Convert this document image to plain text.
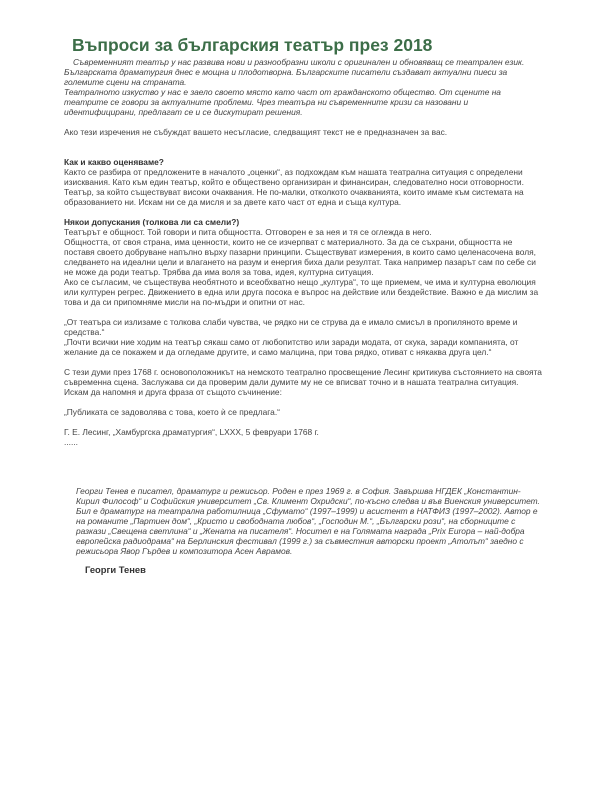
Въпроси за българския театър през 2018

Съвременният театър у нас развива нови и разнообразни школи с оригинален и обновяващ се театрален език.

Българската драматургия днес е мощна и плодотворна. Българските писатели създават актуални пиеси за големите сцени на страната.

Театралното изкуство у нас е заело своето място като част от гражданското общество. От сцените на театрите се говори за актуалните проблеми. Чрез театъра ни съвременните кризи са назовани и идентифицирани, предлагат се и се дискутират решения.

Ако тези изречения не събуждат вашето несъгласие, следващият текст не е предназначен за вас.

Как и какво оценяваме?

Както се разбира от предложените в началото „оценки“, аз подхождам към нашата театрална ситуация с определени изисквания. Като към един театър, който е обществено организиран и финансиран, следователно носи отговорности. Театър, за който съществуват високи очаквания. Не по-малки, отколкото очакванията, които имаме към системата на образованието ни. Искам ни се да мисля и за двете като част от една и съща култура.

Някои допускания (толкова ли са смели?)

Театърът е общност. Той говори и пита общността. Отговорен е за нея и тя се оглежда в него.

Общността, от своя страна, има ценности, които не се изчерпват с материалното. За да се съхрани, общността не поставя своето добруване напълно върху пазарни принципи. Съществуват измерения, в които само целенасочена воля, следването на идеални цели и влагането на разум и енергия биха дали резултат. Така например пазарът сам по себе си не може да роди театър. Трябва да има воля за това, идея, културна ситуация.

Ако се съгласим, че съществува необятното и всеобхватно нещо „култура“, то ще приемем, че има и културна еволюция или културен регрес. Движението в една или друга посока е въпрос на действие или бездействие. Важно е да мислим за това и да си припомняме мисли на по-мъдри и опитни от нас.

„От театъра си излизаме с толкова слаби чувства, че рядко ни се струва да е имало смисъл в пропиляното време и средства.“

„Почти всички ние ходим на театър сякаш само от любопитство или заради модата, от скука, заради компанията, от желание да се покажем и да огледаме другите, и само малцина, при това рядко, отиват с някаква друга цел.“

С тези думи през 1768 г. основоположникът на немското театрално просвещение Лесинг критикува състоянието на своята съвременна сцена. Заслужава си да проверим дали думите му не се вписват точно и в нашата театрална ситуация. Искам да напомня и друга фраза от същото съчинение:

„Публиката се задоволява с това, което ѝ се предлага.“

Г. Е. Лесинг, „Хамбургска драматургия“, LXXX, 5 февруари 1768 г.

......

Георги Тенев е писател, драматург и режисьор. Роден е през 1969 г. в София. Завършва НГДЕК „Константин-Кирил Философ“ и Софийския университет „Св. Климент Охридски“, по-късно следва и във Виенския университет. Бил е драматург на театрална работилница „Сфумато“ (1997–1999) и асистент в НАТФИЗ (1997–2002). Автор е на романите „Партиен дом“, „Кристо и свободната любов“, „Господин М.“, „Български рози“, на сборниците с разкази „Свещена светлина“ и „Жената на писателя“. Носител е на Голямата награда „Prix Europa – най-добра европейска радиодрама“ на Берлинския фестивал (1999 г.) за съвместния авторски проект „Атолът“ заедно с режисьора Явор Гърдев и композитора Асен Аврамов.

Георги Тенев
